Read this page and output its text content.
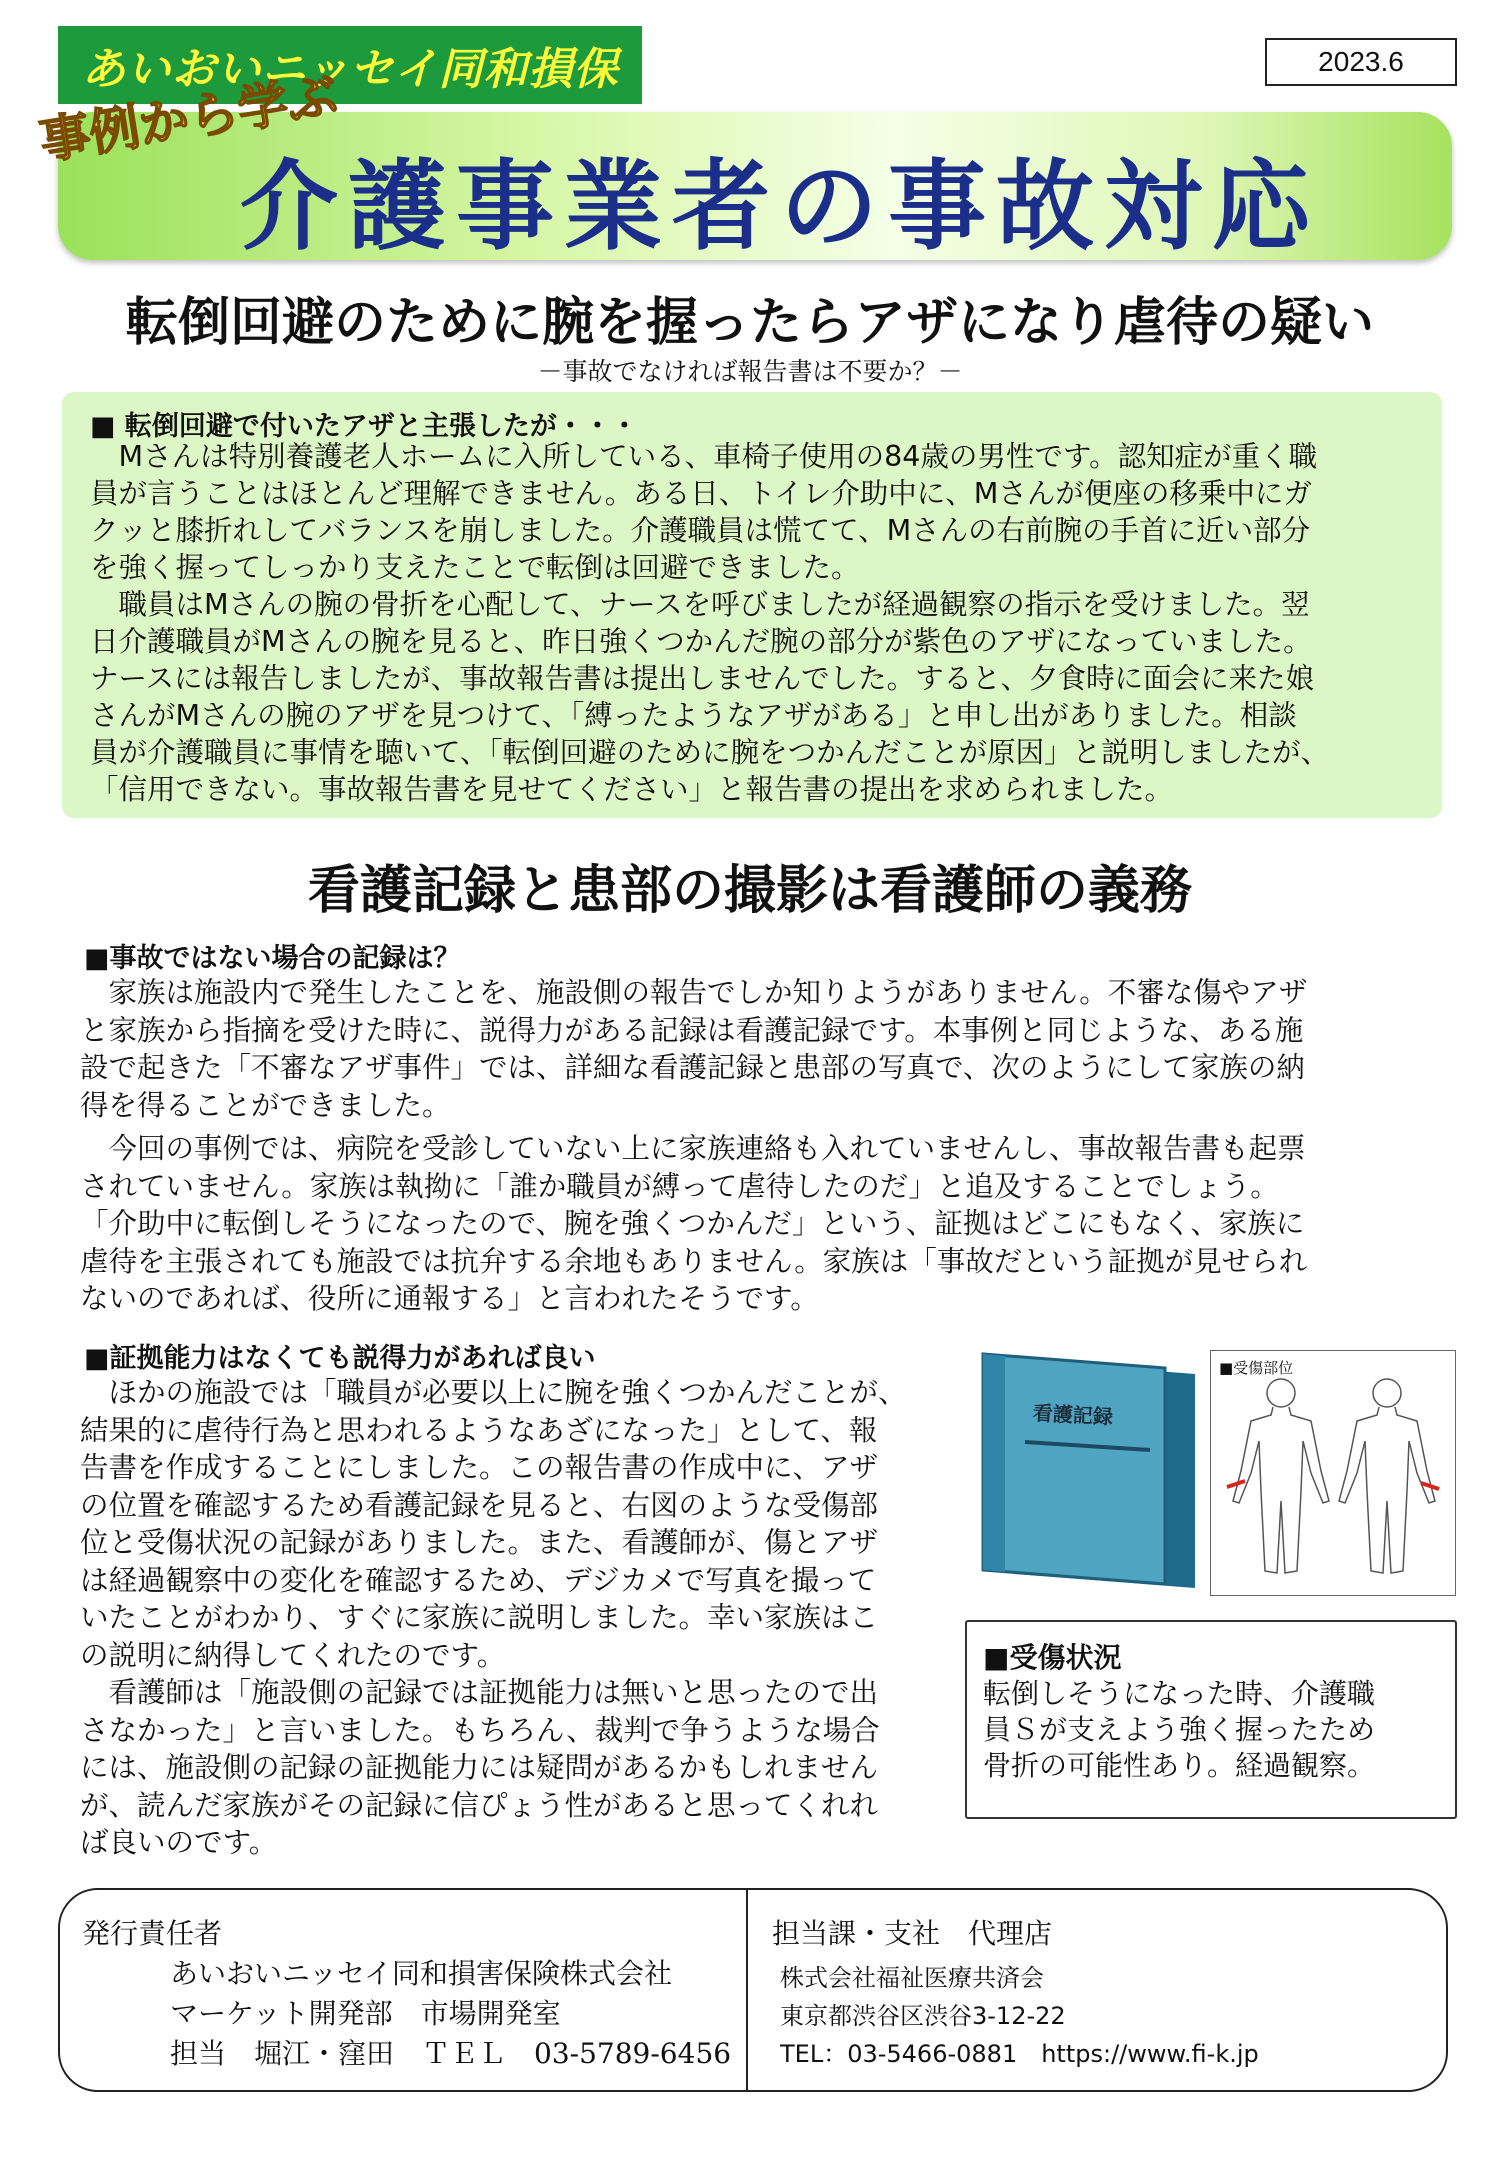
あいおいニッセイ同和損保	2023.6
介護事業者の事故対応
事例から学ぶ
転倒回避のために腕を握ったらアザになり虐待の疑い
－事故でなければ報告書は不要か？－
■ 転倒回避で付いたアザと主張したが・・・

　Mさんは特別養護老人ホームに入所している、車椅子使用の84歳の男性です。認知症が重く職

員が言うことはほとんど理解できません。ある日、トイレ介助中に、Mさんが便座の移乗中にガ

クッと膝折れしてバランスを崩しました。介護職員は慌てて、Mさんの右前腕の手首に近い部分

を強く握ってしっかり支えたことで転倒は回避できました。

　職員はMさんの腕の骨折を心配して、ナースを呼びましたが経過観察の指示を受けました。翌

日介護職員がMさんの腕を見ると、昨日強くつかんだ腕の部分が紫色のアザになっていました。

ナースには報告しましたが、事故報告書は提出しませんでした。すると、夕食時に面会に来た娘

さんがMさんの腕のアザを見つけて、「縛ったようなアザがある」と申し出がありました。相談

員が介護職員に事情を聴いて、「転倒回避のために腕をつかんだことが原因」と説明しましたが、

「信用できない。事故報告書を見せてください」と報告書の提出を求められました。

看護記録と患部の撮影は看護師の義務
■事故ではない場合の記録は？
　家族は施設内で発生したことを、施設側の報告でしか知りようがありません。不審な傷やアザ
と家族から指摘を受けた時に、説得力がある記録は看護記録です。本事例と同じような、ある施
設で起きた「不審なアザ事件」では、詳細な看護記録と患部の写真で、次のようにして家族の納
得を得ることができました。
　今回の事例では、病院を受診していない上に家族連絡も入れていませんし、事故報告書も起票
されていません。家族は執拗に「誰か職員が縛って虐待したのだ」と追及することでしょう。
「介助中に転倒しそうになったので、腕を強くつかんだ」という、証拠はどこにもなく、家族に
虐待を主張されても施設では抗弁する余地もありません。家族は「事故だという証拠が見せられ
ないのであれば、役所に通報する」と言われたそうです。
■証拠能力はなくても説得力があれば良い
　ほかの施設では「職員が必要以上に腕を強くつかんだことが、
結果的に虐待行為と思われるようなあざになった」として、報
告書を作成することにしました。この報告書の作成中に、アザ
の位置を確認するため看護記録を見ると、右図のような受傷部
位と受傷状況の記録がありました。また、看護師が、傷とアザ
は経過観察中の変化を確認するため、デジカメで写真を撮って
いたことがわかり、すぐに家族に説明しました。幸い家族はこ
の説明に納得してくれたのです。
　看護師は「施設側の記録では証拠能力は無いと思ったので出
さなかった」と言いました。もちろん、裁判で争うような場合
には、施設側の記録の証拠能力には疑問があるかもしれません
が、読んだ家族がその記録に信ぴょう性があると思ってくれれ
ば良いのです。
看護記録
■受傷部位
■受傷状況
転倒しそうになった時、介護職
員Ｓが支えよう強く握ったため
骨折の可能性あり。経過観察。
発行責任者
あいおいニッセイ同和損害保険株式会社
マーケット開発部　市場開発室
担当　堀江・窪田　ＴＥＬ　03-5789-6456
担当課・支社　代理店
株式会社福祉医療共済会
東京都渋谷区渋谷3-12-22
TEL：03-5466-0881　https://www.fi-k.jp
